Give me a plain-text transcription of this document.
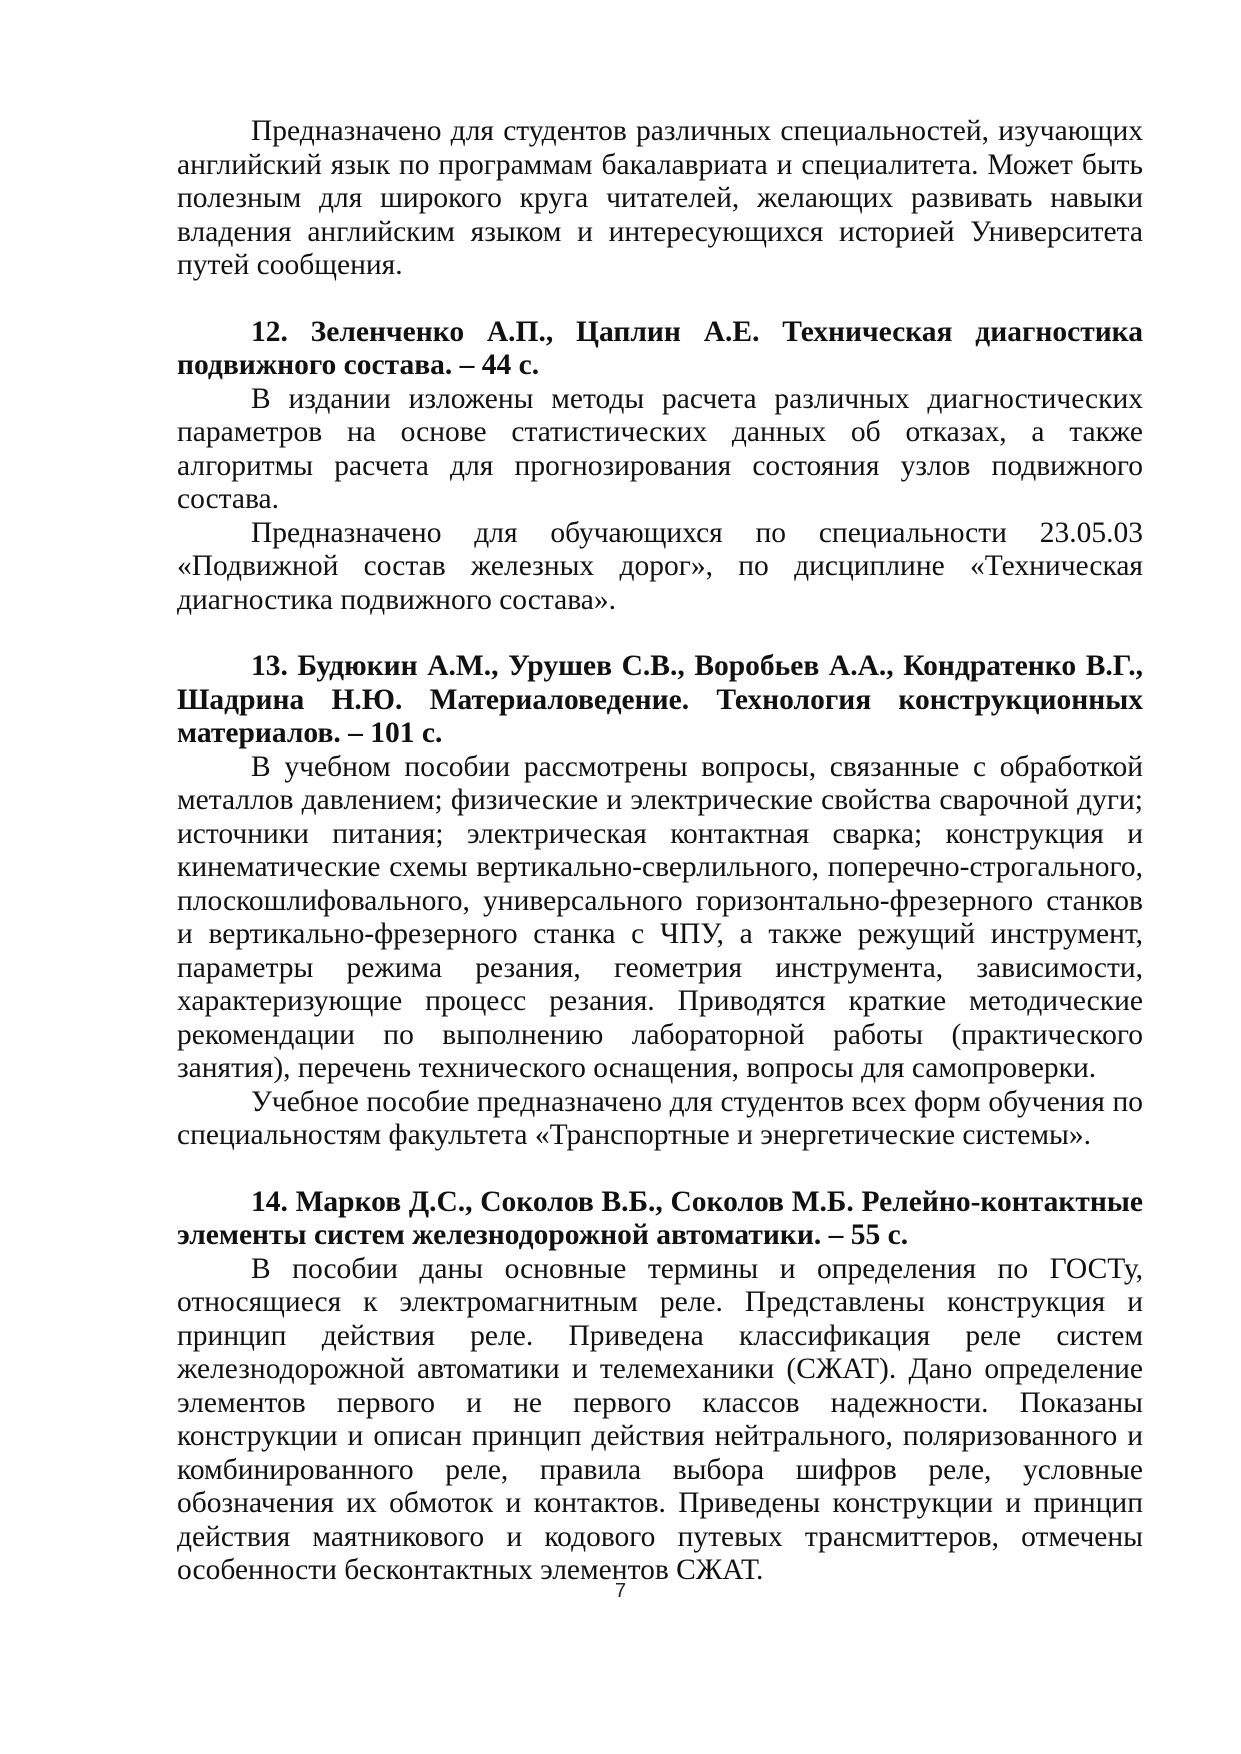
Предназначено для студентов различных специальностей, изучающих английский язык по программам бакалавриата и специалитета. Может быть полезным для широкого круга читателей, желающих развивать навыки владения английским языком и интересующихся историей Университета путей сообщения.

12. Зеленченко А.П., Цаплин А.Е. Техническая диагностика подвижного состава. – 44 с.

В издании изложены методы расчета различных диагностических параметров на основе статистических данных об отказах, а также алгоритмы расчета для прогнозирования состояния узлов подвижного состава.

Предназначено для обучающихся по специальности 23.05.03 «Подвижной состав железных дорог», по дисциплине «Техническая диагностика подвижного состава».

13. Будюкин А.М., Урушев С.В., Воробьев А.А., Кондратенко В.Г., Шадрина Н.Ю. Материаловедение. Технология конструкционных материалов. – 101 с.

В учебном пособии рассмотрены вопросы, связанные с обработкой металлов давлением; физические и электрические свойства сварочной дуги; источники питания; электрическая контактная сварка; конструкция и кинематические схемы вертикально-сверлильного, поперечно-строгального, плоскошлифовального, универсального горизонтально-фрезерного станков и вертикально-фрезерного станка с ЧПУ, а также режущий инструмент, параметры режима резания, геометрия инструмента, зависимости, характеризующие процесс резания. Приводятся краткие методические рекомендации по выполнению лабораторной работы (практического занятия), перечень технического оснащения, вопросы для самопроверки.

Учебное пособие предназначено для студентов всех форм обучения по специальностям факультета «Транспортные и энергетические системы».

14. Марков Д.С., Соколов В.Б., Соколов М.Б. Релейно-контактные элементы систем железнодорожной автоматики. – 55 с.

В пособии даны основные термины и определения по ГОСТу, относящиеся к электромагнитным реле. Представлены конструкция и принцип действия реле. Приведена классификация реле систем железнодорожной автоматики и телемеханики (СЖАТ). Дано определение элементов первого и не первого классов надежности. Показаны конструкции и описан принцип действия нейтрального, поляризованного и комбинированного реле, правила выбора шифров реле, условные обозначения их обмоток и контактов. Приведены конструкции и принцип действия маятникового и кодового путевых трансмиттеров, отмечены особенности бесконтактных элементов СЖАТ.

7
